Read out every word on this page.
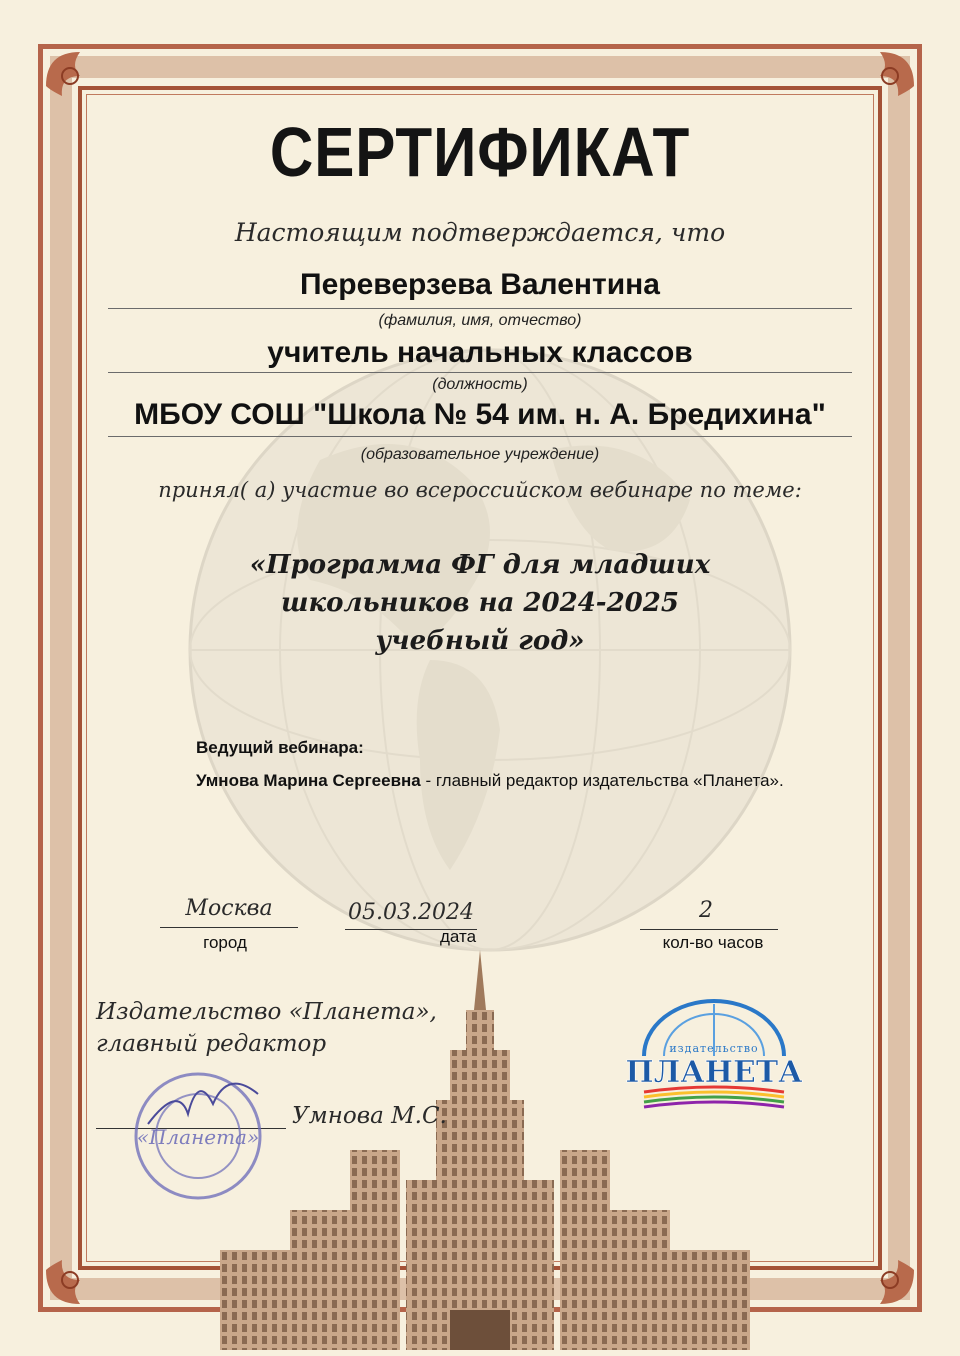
СЕРТИФИКАТ
Настоящим подтверждается, что
Переверзева Валентина
(фамилия, имя, отчество)
учитель начальных классов
(должность)
МБОУ СОШ "Школа № 54 им. н. А. Бредихина"
(образовательное учреждение)
принял( а) участие во всероссийском вебинаре по теме:
«Программа ФГ для младших
школьников на 2024-2025
учебный год»
Ведущий вебинара:
Умнова Марина Сергеевна - главный редактор издательства «Планета».
Москва
город
05.03.2024
дата
2
кол-во часов
Издательство «Планета»,
главный редактор
Умнова М.С.
«Планета»
издательство
ПЛАНЕТА
